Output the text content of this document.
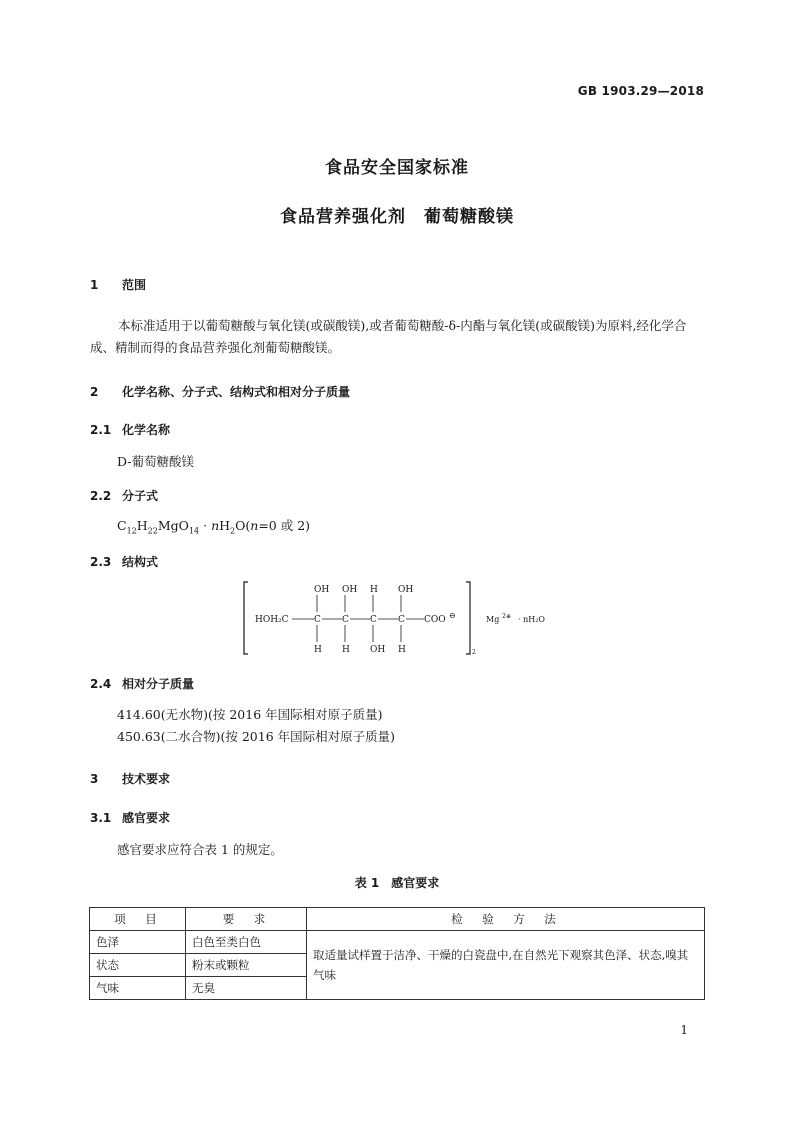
GB 1903.29—2018
食品安全国家标准
食品营养强化剂　葡萄糖酸镁
1 范围
本标准适用于以葡萄糖酸与氧化镁(或碳酸镁),或者葡萄糖酸-δ-内酯与氧化镁(或碳酸镁)为原料,经化学合成、精制而得的食品营养强化剂葡萄糖酸镁。
2 化学名称、分子式、结构式和相对分子质量
2.1 化学名称
D-葡萄糖酸镁
2.2 分子式
$C_{12}H_{22}MgO_{14} \cdot nH_2O(n=0$ 或 2)
2.3 结构式
2
HOH₂C	C C C C COO ⊖
OH OH H OH
H H OH H
Mg 2⊕ · nH₂O
2.4 相对分子质量
414.60(无水物)(按 2016 年国际相对原子质量)
450.63(二水合物)(按 2016 年国际相对原子质量)
3 技术要求
3.1 感官要求
感官要求应符合表 1 的规定。
表 1　感官要求
项　目	要　求	检　验　方　法
色泽	白色至类白色	取适量试样置于洁净、干燥的白瓷盘中,在自然光下观察其色泽、状态,嗅其气味
状态	粉末或颗粒	
气味	无臭	
1
